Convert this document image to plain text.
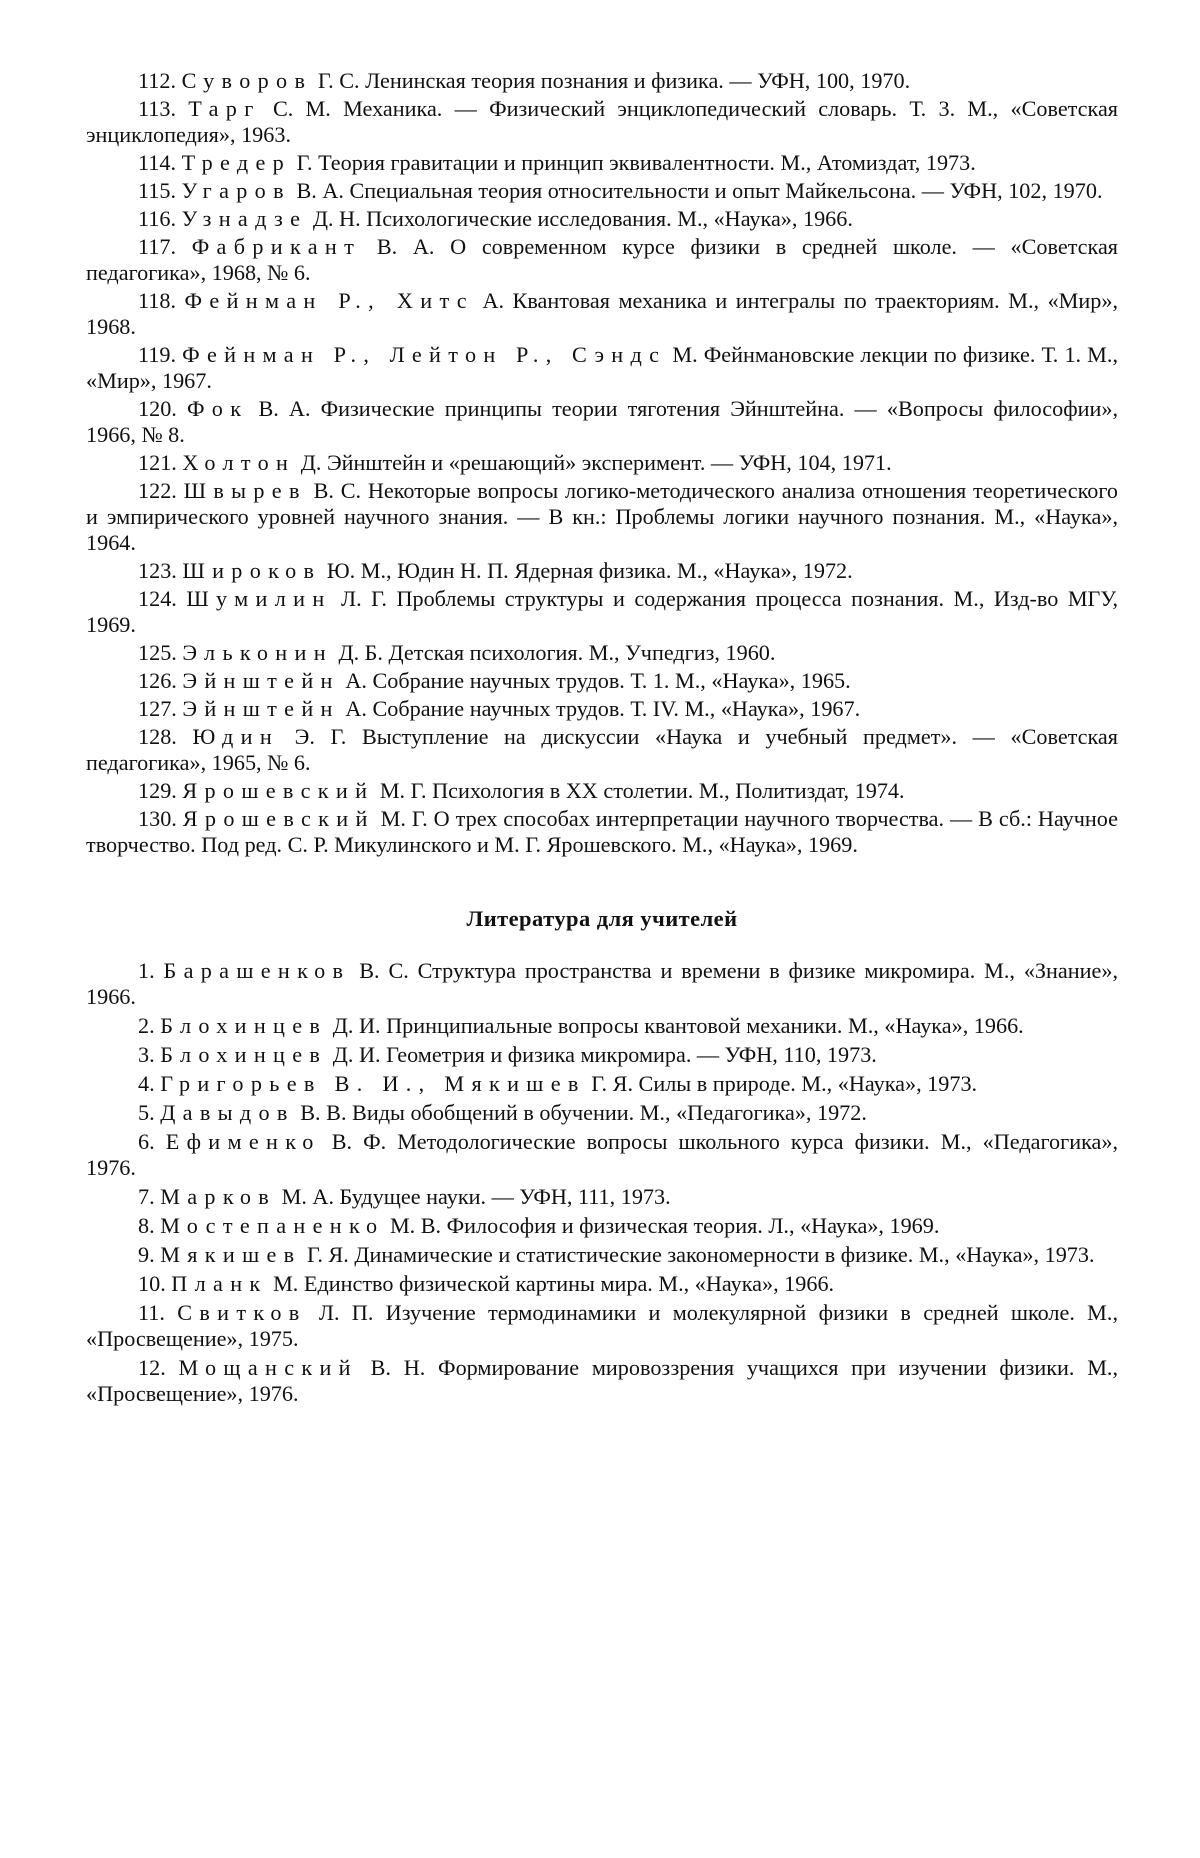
112. Суворов Г. С. Ленинская теория познания и физика. — УФН, 100, 1970.

113. Тарг С. М. Механика. — Физический энциклопедический словарь. Т. 3. М., «Советская энциклопедия», 1963.

114. Тредер Г. Теория гравитации и принцип эквивалентности. М., Атомиздат, 1973.

115. Угаров В. А. Специальная теория относительности и опыт Майкельсона. — УФН, 102, 1970.

116. Узнадзе Д. Н. Психологические исследования. М., «Наука», 1966.

117. Фабрикант В. А. О современном курсе физики в средней школе. — «Советская педагогика», 1968, № 6.

118. Фейнман Р., Хитс А. Квантовая механика и интегралы по траекториям. М., «Мир», 1968.

119. Фейнман Р., Лейтон Р., Сэндс М. Фейнмановские лекции по физике. Т. 1. М., «Мир», 1967.

120. Фок В. А. Физические принципы теории тяготения Эйнштейна. — «Вопросы философии», 1966, № 8.

121. Холтон Д. Эйнштейн и «решающий» эксперимент. — УФН, 104, 1971.

122. Швырев В. С. Некоторые вопросы логико-методического анализа отношения теоретического и эмпирического уровней научного знания. — В кн.: Проблемы логики научного познания. М., «Наука», 1964.

123. Широков Ю. М., Юдин Н. П. Ядерная физика. М., «Наука», 1972.

124. Шумилин Л. Г. Проблемы структуры и содержания процесса познания. М., Изд-во МГУ, 1969.

125. Эльконин Д. Б. Детская психология. М., Учпедгиз, 1960.

126. Эйнштейн А. Собрание научных трудов. Т. 1. М., «Наука», 1965.

127. Эйнштейн А. Собрание научных трудов. Т. IV. М., «Наука», 1967.

128. Юдин Э. Г. Выступление на дискуссии «Наука и учебный предмет». — «Советская педагогика», 1965, № 6.

129. Ярошевский М. Г. Психология в XX столетии. М., Политиздат, 1974.

130. Ярошевский М. Г. О трех способах интерпретации научного творчества. — В сб.: Научное творчество. Под ред. С. Р. Микулинского и М. Г. Ярошевского. М., «Наука», 1969.

Литература для учителей

1. Барашенков В. С. Структура пространства и времени в физике микромира. М., «Знание», 1966.

2. Блохинцев Д. И. Принципиальные вопросы квантовой механики. М., «Наука», 1966.

3. Блохинцев Д. И. Геометрия и физика микромира. — УФН, 110, 1973.

4. Григорьев В. И., Мякишев Г. Я. Силы в природе. М., «Наука», 1973.

5. Давыдов В. В. Виды обобщений в обучении. М., «Педагогика», 1972.

6. Ефименко В. Ф. Методологические вопросы школьного курса физики. М., «Педагогика», 1976.

7. Марков М. А. Будущее науки. — УФН, 111, 1973.

8. Мостепаненко М. В. Философия и физическая теория. Л., «Наука», 1969.

9. Мякишев Г. Я. Динамические и статистические закономерности в физике. М., «Наука», 1973.

10. Планк М. Единство физической картины мира. М., «Наука», 1966.

11. Свитков Л. П. Изучение термодинамики и молекулярной физики в средней школе. М., «Просвещение», 1975.

12. Мощанский В. Н. Формирование мировоззрения учащихся при изучении физики. М., «Просвещение», 1976.
